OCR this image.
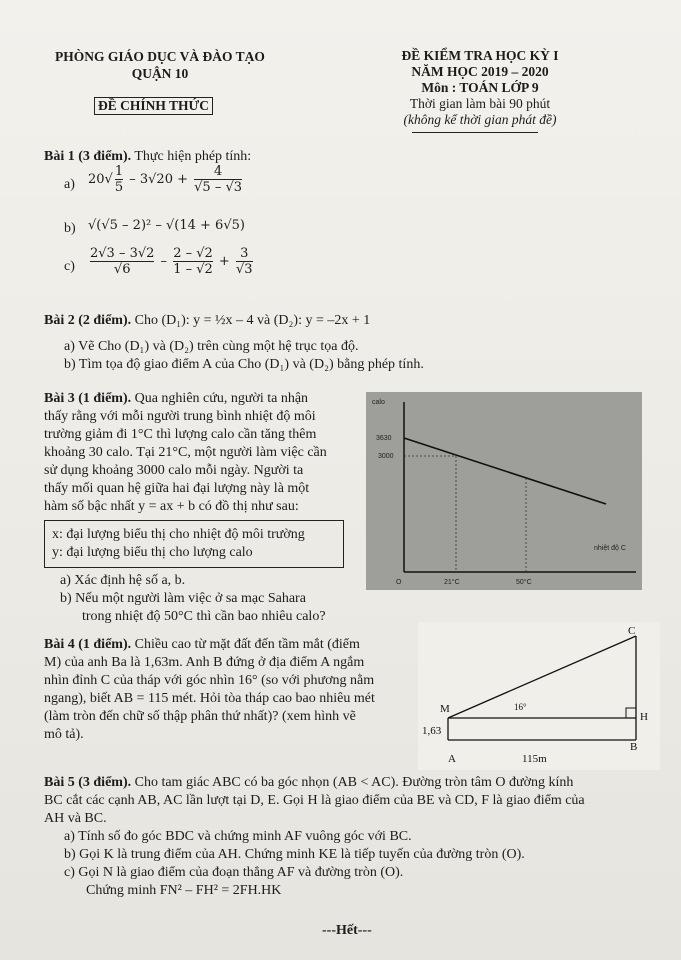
PHÒNG GIÁO DỤC VÀ ĐÀO TẠO
QUẬN 10
ĐỀ CHÍNH THỨC
ĐỀ KIỂM TRA HỌC KỲ I
NĂM HỌC 2019 – 2020
Môn : TOÁN LỚP 9
Thời gian làm bài 90 phút
(không kể thời gian phát đề)
Bài 1 (3 điểm). Thực hiện phép tính:
a) $20√ \frac{1}{5} - 3√20 + \frac{4}{√5 - √3}$
b) √(√5 – 2)² – √(14 + 6√5)
$c) \frac{2√3 - 3√2}{√6} - \frac{2 - √2}{1 - √2} + \frac{3}{√3}$
Bài 2 (2 điểm). Cho (D₁): y = ½x – 4 và (D₂): y = –2x + 1
a) Vẽ Cho (D₁) và (D₂) trên cùng một hệ trục tọa độ.
b) Tìm tọa độ giao điểm A của Cho (D₁) và (D₂) bằng phép tính.
Bài 3 (1 điểm). Qua nghiên cứu, người ta nhận
thấy rằng với mỗi người trung bình nhiệt độ môi
trường giảm đi 1°C thì lượng calo cần tăng thêm
khoảng 30 calo. Tại 21°C, một người làm việc cần
sử dụng khoảng 3000 calo mỗi ngày. Người ta
thấy mối quan hệ giữa hai đại lượng này là một
hàm số bậc nhất y = ax + b có đồ thị như sau:
x: đại lượng biểu thị cho nhiệt độ môi trường
y: đại lượng biểu thị cho lượng calo
a) Xác định hệ số a, b.
b) Nếu một người làm việc ở sa mạc Sahara
trong nhiệt độ 50°C thì cần bao nhiêu calo?
calo
3630
3000
nhiệt độ C
O	21°C	50°C
Bài 4 (1 điểm). Chiều cao từ mặt đất đến tầm mắt (điểm
M) của anh Ba là 1,63m. Anh B đứng ở địa điểm A ngắm
nhìn đỉnh C của tháp với góc nhìn 16° (so với phương nằm
ngang), biết AB = 115 mét. Hỏi tòa tháp cao bao nhiêu mét
(làm tròn đến chữ số thập phân thứ nhất)? (xem hình vẽ
mô tả).
C
M
H
A
B
16°
1,63
115m
Bài 5 (3 điểm). Cho tam giác ABC có ba góc nhọn (AB < AC). Đường tròn tâm O đường kính
BC cắt các cạnh AB, AC lần lượt tại D, E. Gọi H là giao điểm của BE và CD, F là giao điểm của
AH và BC.
a) Tính số đo góc BDC và chứng minh AF vuông góc với BC.
b) Gọi K là trung điểm của AH. Chứng minh KE là tiếp tuyến của đường tròn (O).
c) Gọi N là giao điểm của đoạn thẳng AF và đường tròn (O).
Chứng minh FN² – FH² = 2FH.HK
---Hết---
